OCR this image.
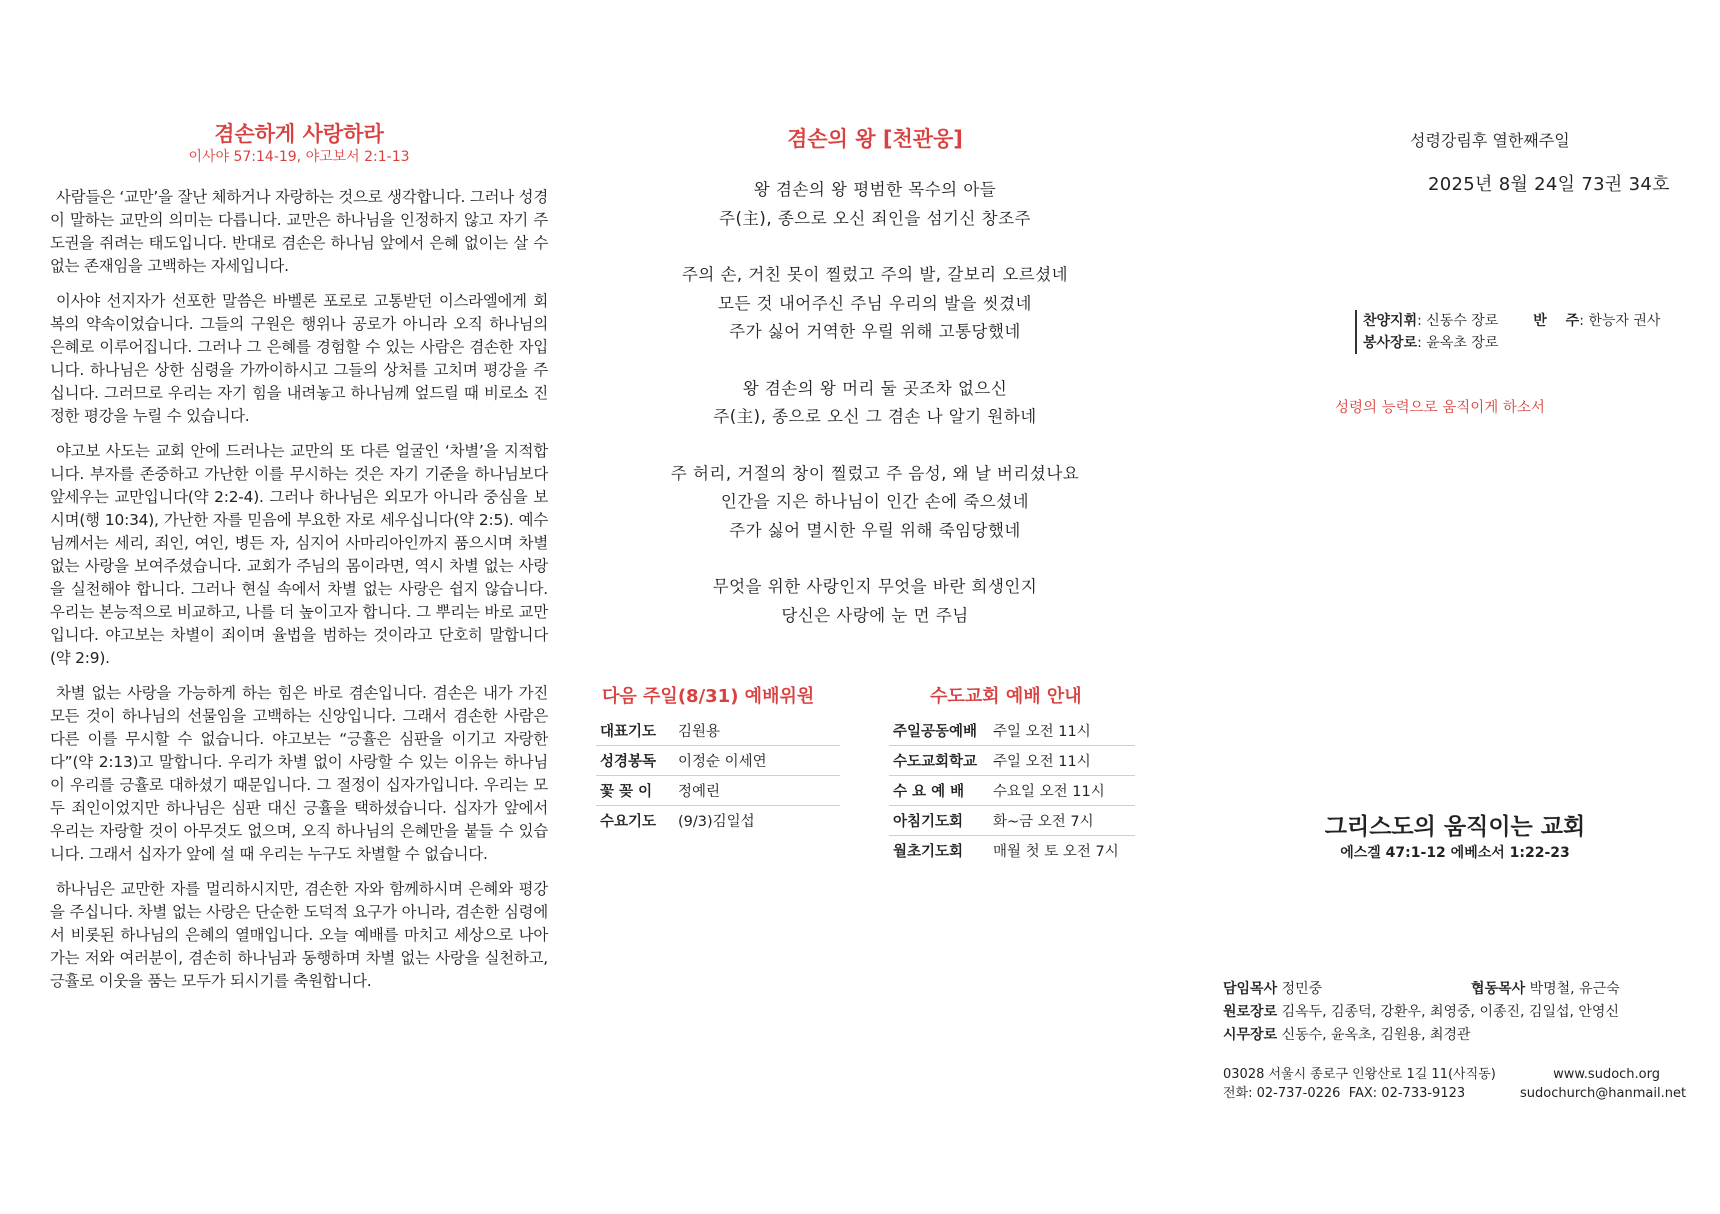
겸손하게 사랑하라

이사야 57:14-19, 야고보서 2:1-13

사람들은 ‘교만’을 잘난 체하거나 자랑하는 것으로 생각합니다. 그러나 성경이 말하는 교만의 의미는 다릅니다. 교만은 하나님을 인정하지 않고 자기 주도권을 쥐려는 태도입니다. 반대로 겸손은 하나님 앞에서 은혜 없이는 살 수 없는 존재임을 고백하는 자세입니다.

이사야 선지자가 선포한 말씀은 바벨론 포로로 고통받던 이스라엘에게 회복의 약속이었습니다. 그들의 구원은 행위나 공로가 아니라 오직 하나님의 은혜로 이루어집니다. 그러나 그 은혜를 경험할 수 있는 사람은 겸손한 자입니다. 하나님은 상한 심령을 가까이하시고 그들의 상처를 고치며 평강을 주십니다. 그러므로 우리는 자기 힘을 내려놓고 하나님께 엎드릴 때 비로소 진정한 평강을 누릴 수 있습니다.

야고보 사도는 교회 안에 드러나는 교만의 또 다른 얼굴인 ‘차별’을 지적합니다. 부자를 존중하고 가난한 이를 무시하는 것은 자기 기준을 하나님보다 앞세우는 교만입니다(약 2:2-4). 그러나 하나님은 외모가 아니라 중심을 보시며(행 10:34), 가난한 자를 믿음에 부요한 자로 세우십니다(약 2:5). 예수님께서는 세리, 죄인, 여인, 병든 자, 심지어 사마리아인까지 품으시며 차별 없는 사랑을 보여주셨습니다. 교회가 주님의 몸이라면, 역시 차별 없는 사랑을 실천해야 합니다. 그러나 현실 속에서 차별 없는 사랑은 쉽지 않습니다. 우리는 본능적으로 비교하고, 나를 더 높이고자 합니다. 그 뿌리는 바로 교만입니다. 야고보는 차별이 죄이며 율법을 범하는 것이라고 단호히 말합니다(약 2:9).

차별 없는 사랑을 가능하게 하는 힘은 바로 겸손입니다. 겸손은 내가 가진 모든 것이 하나님의 선물임을 고백하는 신앙입니다. 그래서 겸손한 사람은 다른 이를 무시할 수 없습니다. 야고보는 “긍휼은 심판을 이기고 자랑한다”(약 2:13)고 말합니다. 우리가 차별 없이 사랑할 수 있는 이유는 하나님이 우리를 긍휼로 대하셨기 때문입니다. 그 절정이 십자가입니다. 우리는 모두 죄인이었지만 하나님은 심판 대신 긍휼을 택하셨습니다. 십자가 앞에서 우리는 자랑할 것이 아무것도 없으며, 오직 하나님의 은혜만을 붙들 수 있습니다. 그래서 십자가 앞에 설 때 우리는 누구도 차별할 수 없습니다.

하나님은 교만한 자를 멀리하시지만, 겸손한 자와 함께하시며 은혜와 평강을 주십니다. 차별 없는 사랑은 단순한 도덕적 요구가 아니라, 겸손한 심령에서 비롯된 하나님의 은혜의 열매입니다. 오늘 예배를 마치고 세상으로 나아가는 저와 여러분이, 겸손히 하나님과 동행하며 차별 없는 사랑을 실천하고, 긍휼로 이웃을 품는 모두가 되시기를 축원합니다.

겸손의 왕 [천관웅]
왕 겸손의 왕 평범한 목수의 아들
주(主), 종으로 오신 죄인을 섬기신 창조주
주의 손, 거친 못이 찔렀고 주의 발, 갈보리 오르셨네
모든 것 내어주신 주님 우리의 발을 씻겼네
주가 싫어 거역한 우릴 위해 고통당했네
왕 겸손의 왕 머리 둘 곳조차 없으신
주(主), 종으로 오신 그 겸손 나 알기 원하네
주 허리, 거절의 창이 찔렀고 주 음성, 왜 날 버리셨나요
인간을 지은 하나님이 인간 손에 죽으셨네
주가 싫어 멸시한 우릴 위해 죽임당했네
무엇을 위한 사랑인지 무엇을 바란 희생인지
당신은 사랑에 눈 먼 주님
다음 주일(8/31) 예배위원
대표기도	김원용
성경봉독	이정순 이세연
꽃 꽂 이	정예린
수요기도	(9/3)김일섭
수도교회 예배 안내
주일공동예배	주일 오전 11시
수도교회학교	주일 오전 11시
수 요 예 배	수요일 오전 11시
아침기도회	화~금 오전 7시
월초기도회	매월 첫 토 오전 7시
성령강림후 열한째주일
2025년 8월 24일 73권 34호
찬양지휘: 신동수 장로 반 주: 한능자 권사
봉사장로: 윤옥초 장로
성령의 능력으로 움직이게 하소서
그리스도의 움직이는 교회
에스겔 47:1-12 에베소서 1:22-23
담임목사 정민중	협동목사 박명철, 유근숙
원로장로 김옥두, 김종덕, 강환우, 최영중, 이종진, 김일섭, 안영신
시무장로 신동수, 윤옥초, 김원용, 최경관
03028 서울시 종로구 인왕산로 1길 11(사직동)
전화: 02-737-0226  FAX: 02-733-9123
www.sudoch.org
sudochurch@hanmail.net
